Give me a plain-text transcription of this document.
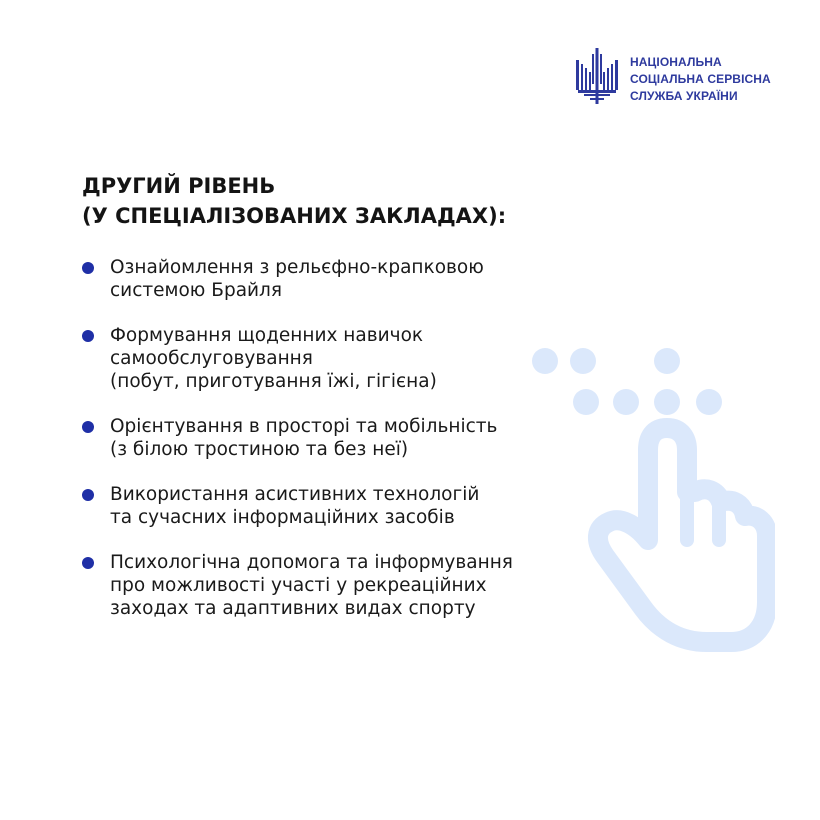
НАЦІОНАЛЬНА
СОЦІАЛЬНА СЕРВІСНА
СЛУЖБА УКРАЇНИ
ДРУГИЙ РІВЕНЬ
(У СПЕЦІАЛІЗОВАНИХ ЗАКЛАДАХ):
Ознайомлення з рельєфно-крапковою
системою Брайля
Формування щоденних навичок
самообслуговування
(побут, приготування їжі, гігієна)
Орієнтування в просторі та мобільність
(з білою тростиною та без неї)
Використання асистивних технологій
та сучасних інформаційних засобів
Психологічна допомога та інформування
про можливості участі у рекреаційних
заходах та адаптивних видах спорту
